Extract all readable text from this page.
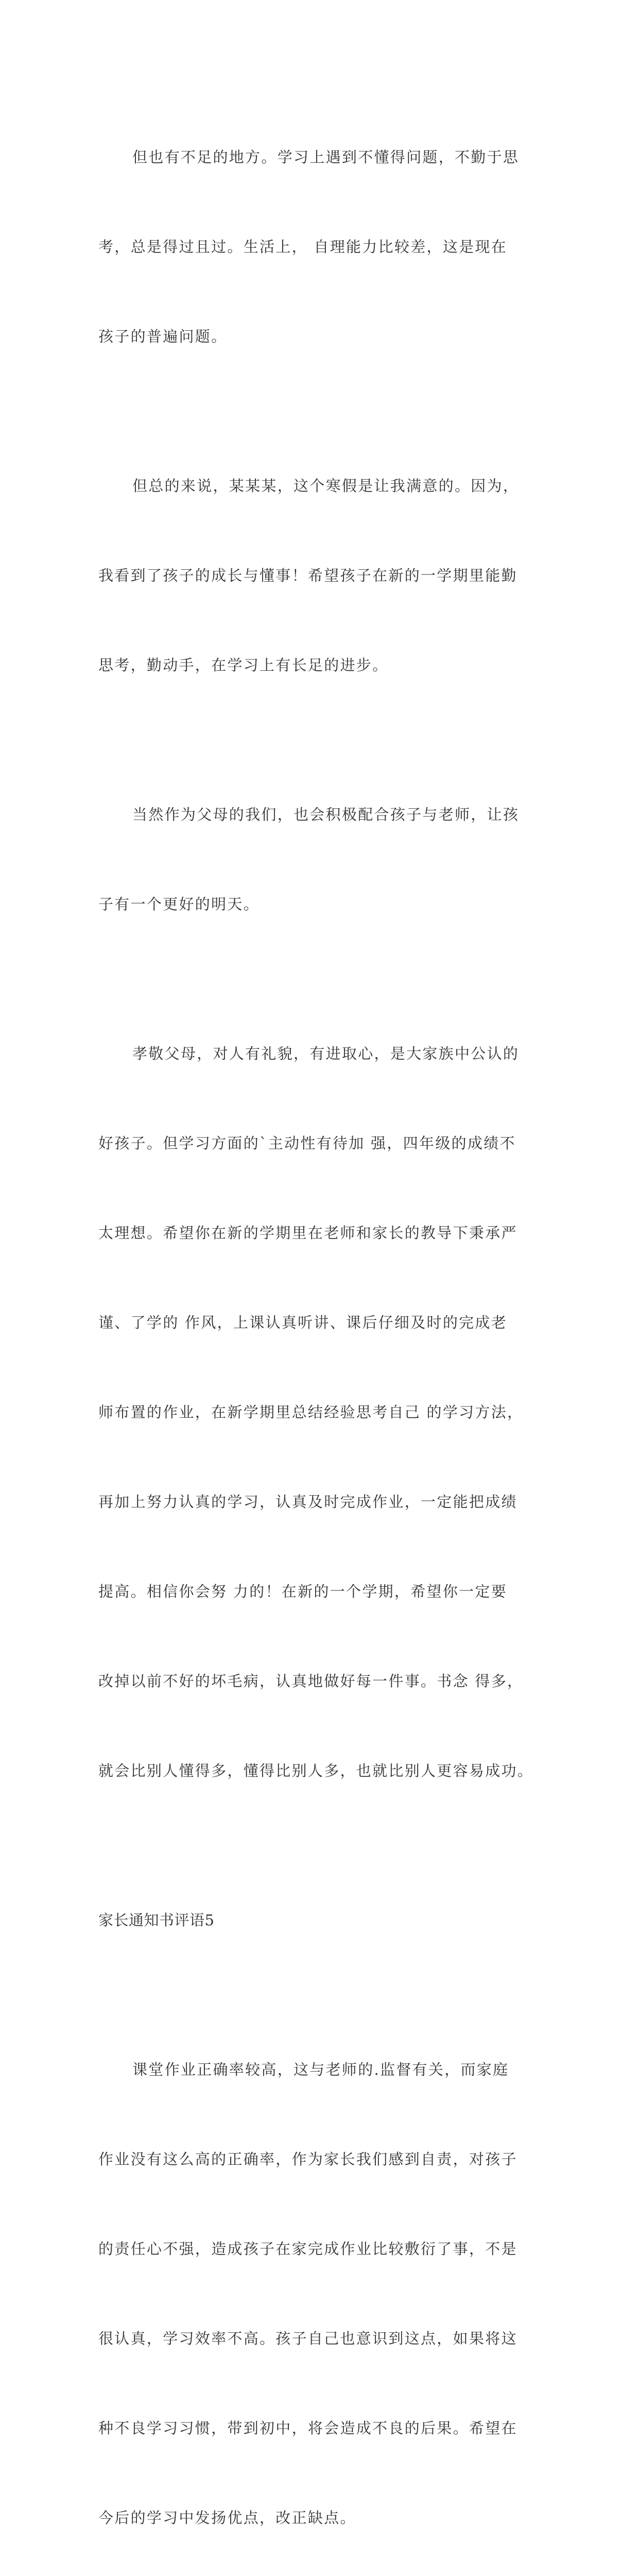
但也有不足的地方。学习上遇到不懂得问题，不勤于思

考，总是得过且过。生活上， 自理能力比较差，这是现在

孩子的普遍问题。

但总的来说，某某某，这个寒假是让我满意的。因为，

我看到了孩子的成长与懂事！希望孩子在新的一学期里能勤

思考，勤动手，在学习上有长足的进步。

当然作为父母的我们，也会积极配合孩子与老师，让孩

子有一个更好的明天。

孝敬父母，对人有礼貌，有进取心，是大家族中公认的

好孩子。但学习方面的`主动性有待加 强，四年级的成绩不

太理想。希望你在新的学期里在老师和家长的教导下秉承严

谨、了学的 作风，上课认真听讲、课后仔细及时的完成老

师布置的作业，在新学期里总结经验思考自己 的学习方法，

再加上努力认真的学习，认真及时完成作业，一定能把成绩

提高。相信你会努 力的！在新的一个学期，希望你一定要

改掉以前不好的坏毛病，认真地做好每一件事。书念 得多，

就会比别人懂得多，懂得比别人多，也就比别人更容易成功。

家长通知书评语5

课堂作业正确率较高，这与老师的.监督有关，而家庭

作业没有这么高的正确率，作为家长我们感到自责，对孩子

的责任心不强，造成孩子在家完成作业比较敷衍了事，不是

很认真，学习效率不高。孩子自己也意识到这点，如果将这

种不良学习习惯，带到初中，将会造成不良的后果。希望在

今后的学习中发扬优点，改正缺点。
